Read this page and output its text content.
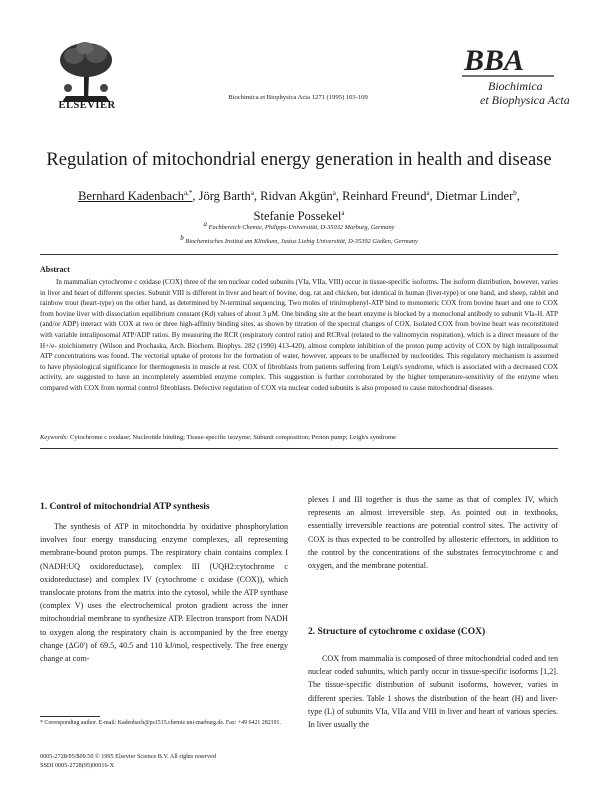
ELSEVIER
Biochimica et Biophysica Acta 1271 (1995) 103-109
BBA
Biochimica
et Biophysica Acta
Regulation of mitochondrial energy generation in health and disease
Bernhard Kadenbach$^{a,*}$, Jörg Barth$^a$, Ridvan Akgün$^a$, Reinhard Freund$^a$, Dietmar Linder$^b$, Stefanie Possekel$^a$
$^a$ Fachbereich Chemie, Philipps-Universität, D-35032 Marburg, Germany
$^b$ Biochemisches Institut am Klinikum, Justus Liebig Universität, D-35392 Gießen, Germany
Abstract
In mammalian cytochrome c oxidase (COX) three of the ten nuclear coded subunits (VIa, VIIa, VIII) occur in tissue-specific isoforms. The isoform distribution, however, varies in liver and heart of different species. Subunit VIII is different in liver and heart of bovine, dog, rat and chicken, but identical in human (liver-type) or one hand, and sheep, rabbit and rainbow trout (heart-type) on the other hand, as determined by N-terminal sequencing. Two moles of trinitrophenyl-ATP bind to monomeric COX from bovine heart and one to COX from bovine liver with dissociation equilibrium constant (Kd) values of about 3 μM. One binding site at the heart enzyme is blocked by a monoclonal antibody to subunit VIa-H. ATP (and/or ADP) interact with COX at two or three high-affinity binding sites, as shown by titration of the spectral changes of COX. Isolated COX from bovine heart was reconstituted with variable intraliposomal ATP/ADP ratios. By measuring the RCR (respiratory control ratio) and RCRval (related to the valinomycin respiration), which is a direct measure of the H+/e- stoichiometry (Wilson and Prochaska, Arch. Biochem. Biophys. 282 (1990) 413-420), almost complete inhibition of the proton pump activity of COX by high intraliposomal ATP concentrations was found. The vectorial uptake of protons for the formation of water, however, appears to be unaffected by nucleotides. This regulatory mechanism is assumed to have physiological significance for thermogenesis in muscle at rest. COX of fibroblasts from patients suffering from Leigh's syndrome, which is associated with a decreased COX activity, are suggested to have an incompletely assembled enzyme complex. This suggestion is further corroborated by the higher temperature-sensitivity of the enzyme when compared with COX from normal control fibroblasts. Defective regulation of COX via nuclear coded subunits is also proposed to cause mitochondrial diseases.
Keywords: Cytochrome c oxidase; Nucleotide binding; Tissue-specific isozyme; Subunit composition; Proton pump; Leigh's syndrome
1. Control of mitochondrial ATP synthesis
The synthesis of ATP in mitochondria by oxidative phosphorylation involves four energy transducing enzyme complexes, all representing membrane-bound proton pumps. The respiratory chain contains complex I (NADH:UQ oxidoreductase), complex III (UQH2:cytochrome c oxidoreductase) and complex IV (cytochrome c oxidase (COX)), which translocate protons from the matrix into the cytosol, while the ATP synthase (complex V) uses the electrochemical proton gradient across the inner mitochondrial membrane to synthesize ATP. Electron transport from NADH to oxygen along the respiratory chain is accompanied by the free energy change (ΔG0') of 69.5, 40.5 and 110 kJ/mol, respectively. The free energy change at com-
* Corresponding author. E-mail: Kadenbach@ps1515.chemie.uni-marburg.de. Fax: +49 6421 282191.
0005-2728/95/$09.50 © 1995 Elsevier Science B.V. All rights reserved
SSDI 0005-2728(95)00016-X
plexes I and III together is thus the same as that of complex IV, which represents an almost irreversible step. As pointed out in textbooks, essentially irreversible reactions are potential control sites. The activity of COX is thus expected to be controlled by allosteric effectors, in addition to the control by the concentrations of the substrates ferrocytochrome c and oxygen, and the membrane potential.
2. Structure of cytochrome c oxidase (COX)
COX from mammalia is composed of three mitochondrial coded and ten nuclear coded subunits, which partly occur in tissue-specific isoforms [1,2]. The tissue-specific distribution of subunit isoforms, however, varies in different species. Table 1 shows the distribution of the heart (H) and liver-type (L) of subunits VIa, VIIa and VIII in liver and heart of various species. In liver usually the
